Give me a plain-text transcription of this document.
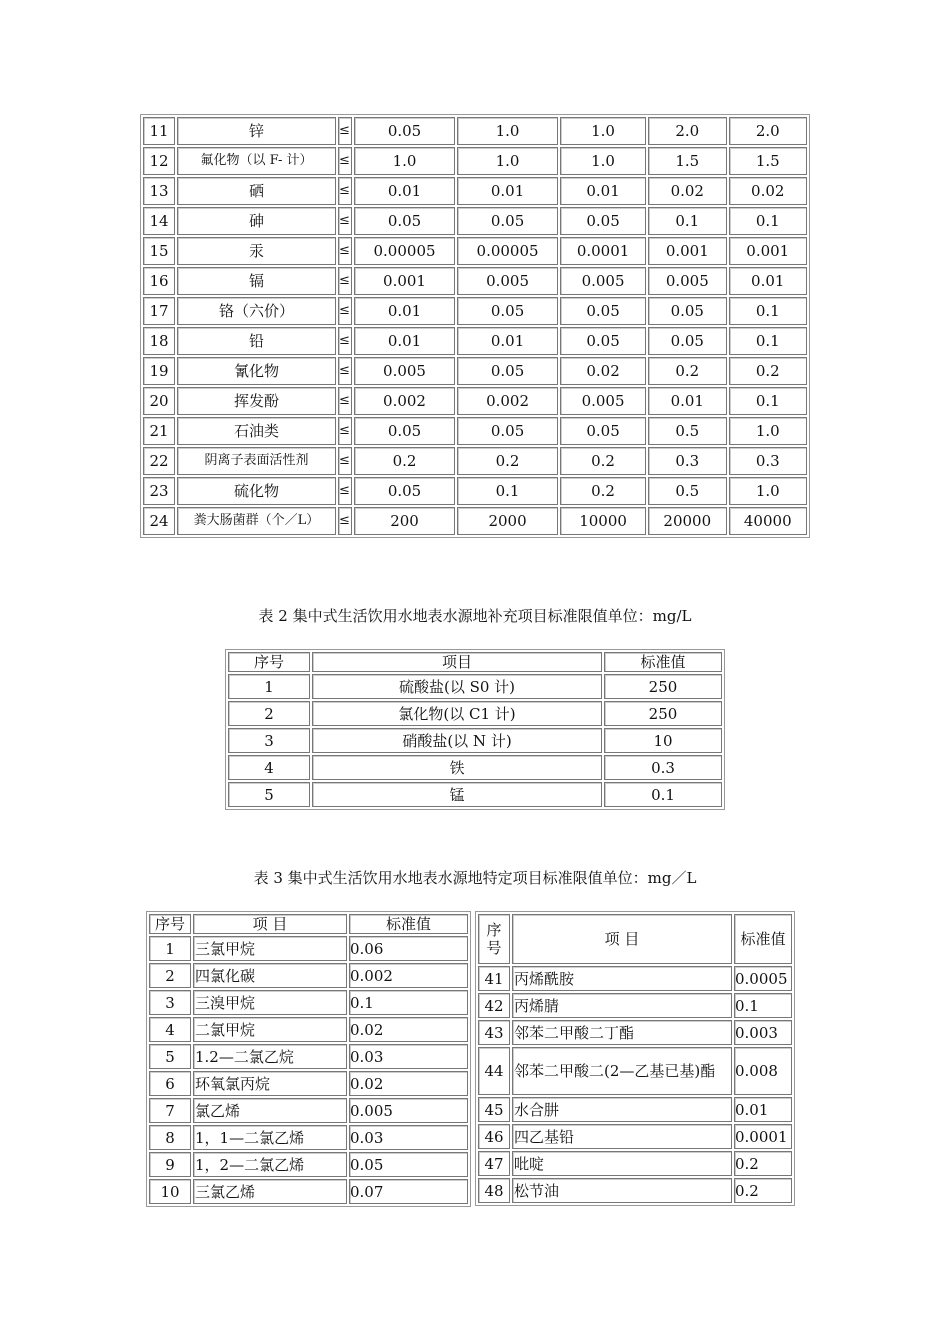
11	锌	≤	0.05	1.0	1.0	2.0	2.0
12	氟化物（以 F- 计）	≤	1.0	1.0	1.0	1.5	1.5
13	硒	≤	0.01	0.01	0.01	0.02	0.02
14	砷	≤	0.05	0.05	0.05	0.1	0.1
15	汞	≤	0.00005	0.00005	0.0001	0.001	0.001
16	镉	≤	0.001	0.005	0.005	0.005	0.01
17	铬（六价）	≤	0.01	0.05	0.05	0.05	0.1
18	铅	≤	0.01	0.01	0.05	0.05	0.1
19	氰化物	≤	0.005	0.05	0.02	0.2	0.2
20	挥发酚	≤	0.002	0.002	0.005	0.01	0.1
21	石油类	≤	0.05	0.05	0.05	0.5	1.0
22	阴离子表面活性剂	≤	0.2	0.2	0.2	0.3	0.3
23	硫化物	≤	0.05	0.1	0.2	0.5	1.0
24	粪大肠菌群（个／L）	≤	200	2000	10000	20000	40000
表 2 集中式生活饮用水地表水源地补充项目标准限值单位：mg/L
序号	项目	标准值
1	硫酸盐(以 S0 计)	250
2	氯化物(以 C1 计)	250
3	硝酸盐(以 N 计)	10
4	铁	0.3
5	锰	0.1
表 3 集中式生活饮用水地表水源地特定项目标准限值单位：mg／L
序号	项 目	标准值
1	三氯甲烷	0.06
2	四氯化碳	0.002
3	三溴甲烷	0.1
4	二氯甲烷	0.02
5	1.2—二氯乙烷	0.03
6	环氧氯丙烷	0.02
7	氯乙烯	0.005
8	1，1—二氯乙烯	0.03
9	1，2—二氯乙烯	0.05
10	三氯乙烯	0.07
序号	项 目	标准值
41	丙烯酰胺	0.0005
42	丙烯腈	0.1
43	邻苯二甲酸二丁酯	0.003
44	邻苯二甲酸二(2—乙基已基)酯	0.008
45	水合肼	0.01
46	四乙基铅	0.0001
47	吡啶	0.2
48	松节油	0.2
